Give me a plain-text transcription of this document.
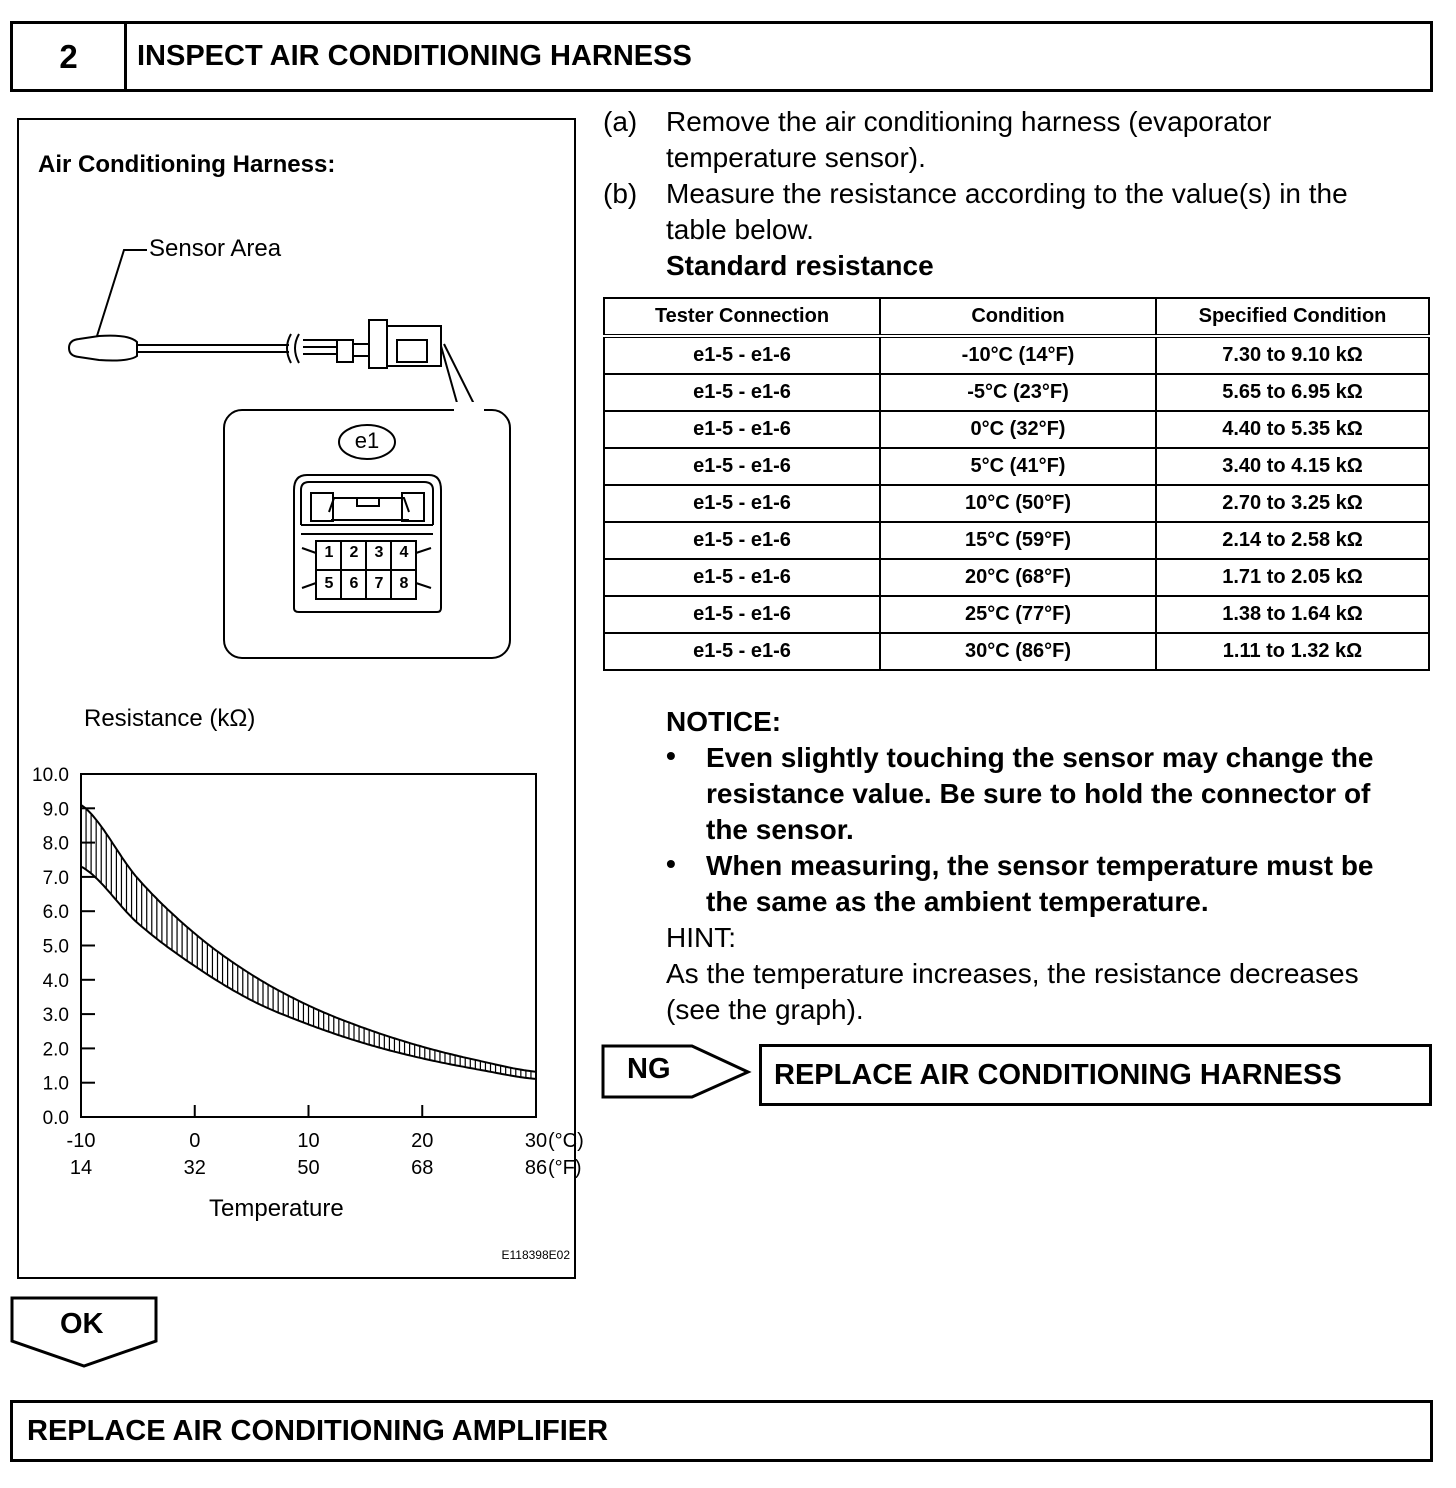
2	INSPECT AIR CONDITIONING HARNESS
Air Conditioning Harness:
Sensor Area
e1
1	2	3	4
5	6	7	8
Resistance (kΩ)
0.0
1.0
2.0
3.0
4.0
5.0
6.0
7.0
8.0
9.0
10.0
-10
14
0
32
10
50
20
68
30
86
(°C)
(°F)
Temperature
E118398E02
(a) Remove the air conditioning harness (evaporator
temperature sensor).
(b) Measure the resistance according to the value(s) in the
table below.
Standard resistance
Tester Connection	Condition	Specified Condition
e1-5 - e1-6	-10°C (14°F)	7.30 to 9.10 kΩ
e1-5 - e1-6	-5°C (23°F)	5.65 to 6.95 kΩ
e1-5 - e1-6	0°C (32°F)	4.40 to 5.35 kΩ
e1-5 - e1-6	5°C (41°F)	3.40 to 4.15 kΩ
e1-5 - e1-6	10°C (50°F)	2.70 to 3.25 kΩ
e1-5 - e1-6	15°C (59°F)	2.14 to 2.58 kΩ
e1-5 - e1-6	20°C (68°F)	1.71 to 2.05 kΩ
e1-5 - e1-6	25°C (77°F)	1.38 to 1.64 kΩ
e1-5 - e1-6	30°C (86°F)	1.11 to 1.32 kΩ
NOTICE:
• Even slightly touching the sensor may change the
resistance value. Be sure to hold the connector of
the sensor.
• When measuring, the sensor temperature must be
the same as the ambient temperature.
HINT:
As the temperature increases, the resistance decreases
(see the graph).
NG	REPLACE AIR CONDITIONING HARNESS
OK
REPLACE AIR CONDITIONING AMPLIFIER
